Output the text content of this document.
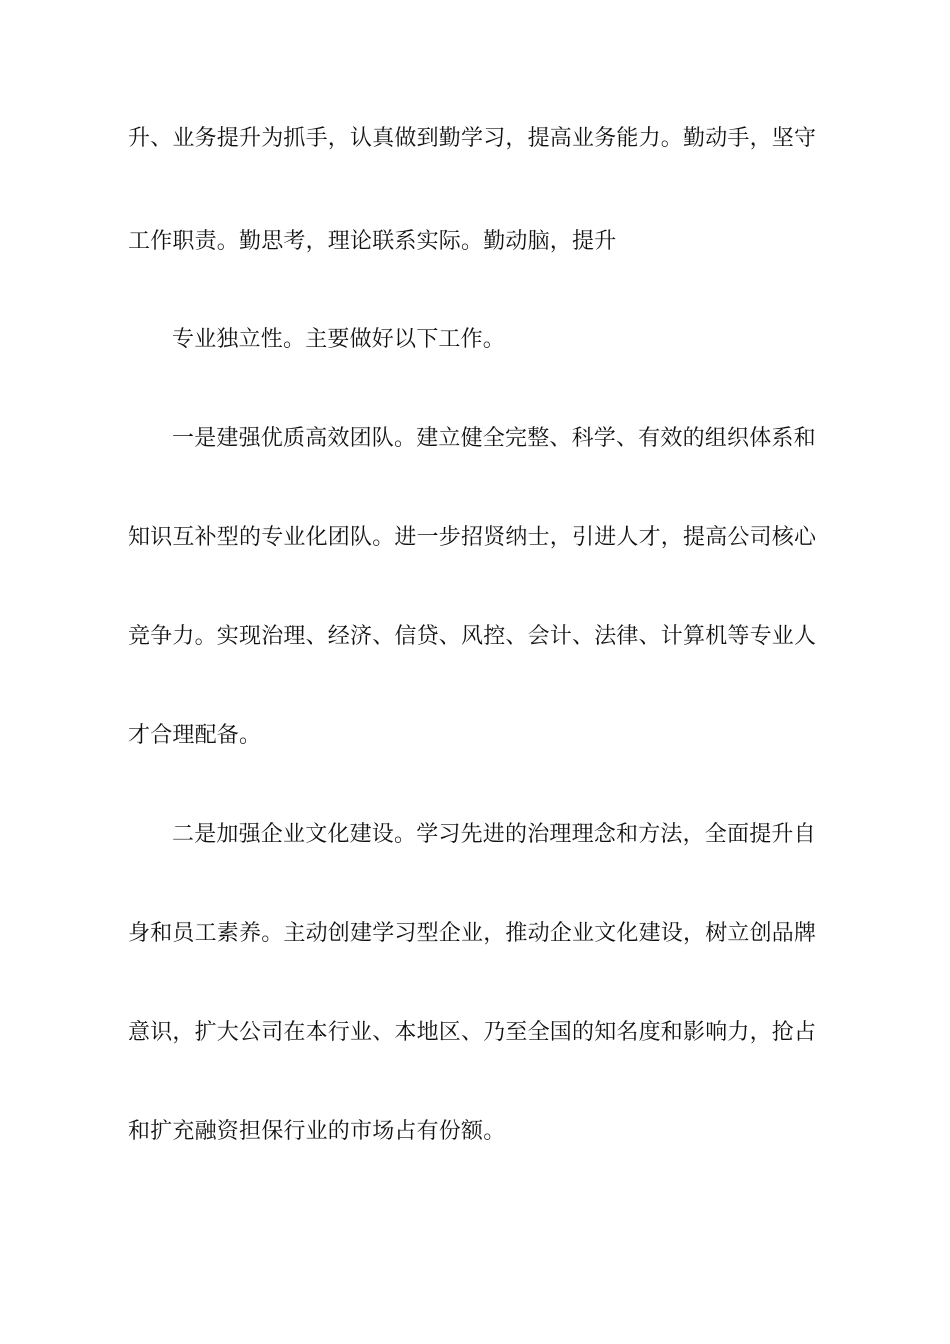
升、业务提升为抓手，认真做到勤学习，提高业务能力。勤动手，坚守
工作职责。勤思考，理论联系实际。勤动脑，提升
专业独立性。主要做好以下工作。
一是建强优质高效团队。建立健全完整、科学、有效的组织体系和
知识互补型的专业化团队。进一步招贤纳士，引进人才，提高公司核心
竞争力。实现治理、经济、信贷、风控、会计、法律、计算机等专业人
才合理配备。
二是加强企业文化建设。学习先进的治理理念和方法，全面提升自
身和员工素养。主动创建学习型企业，推动企业文化建设，树立创品牌
意识，扩大公司在本行业、本地区、乃至全国的知名度和影响力，抢占
和扩充融资担保行业的市场占有份额。
